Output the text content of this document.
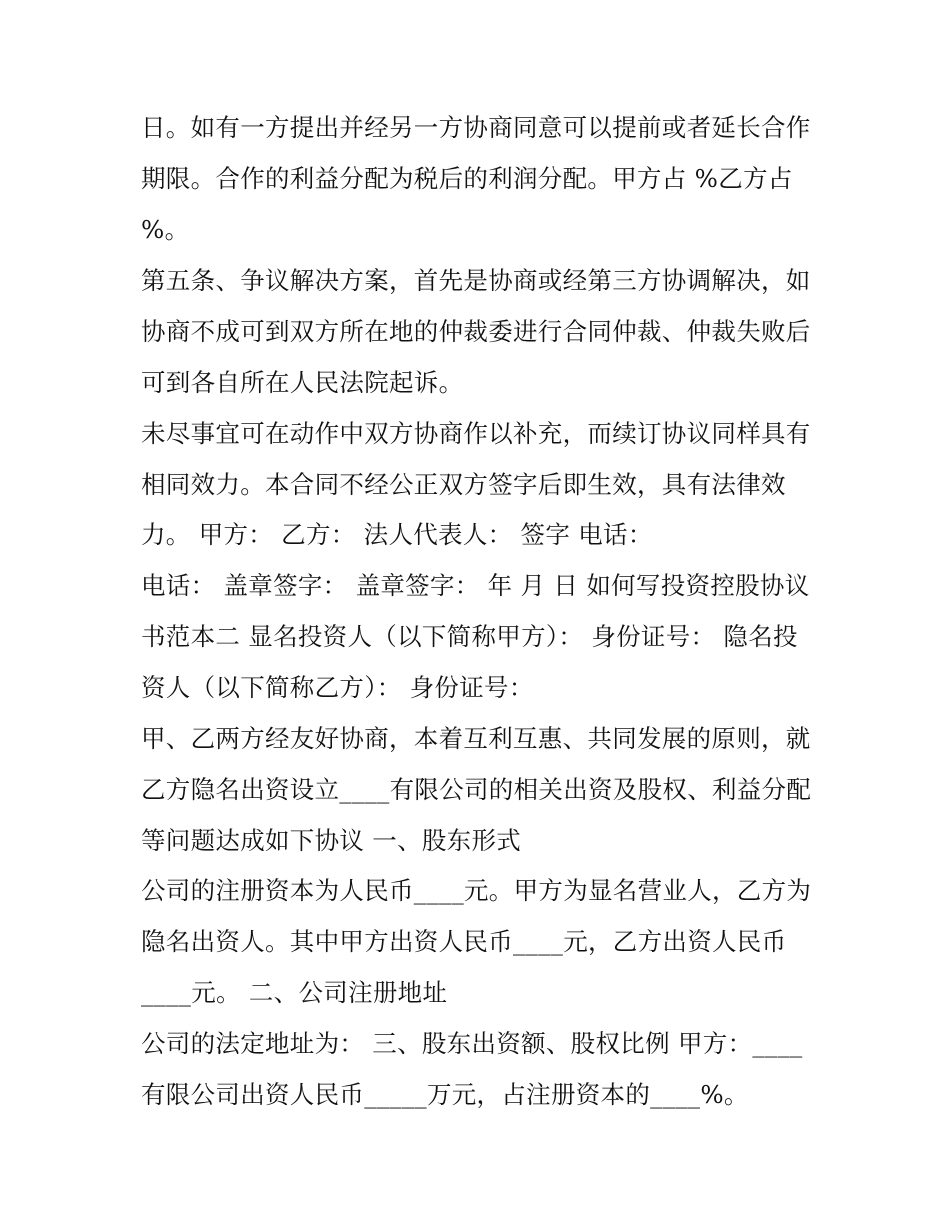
日。如有一方提出并经另一方协商同意可以提前或者延长合作
期限。合作的利益分配为税后的利润分配。甲方占 %乙方占
%。
第五条、争议解决方案，首先是协商或经第三方协调解决，如
协商不成可到双方所在地的仲裁委进行合同仲裁、仲裁失败后
可到各自所在人民法院起诉。
未尽事宜可在动作中双方协商作以补充，而续订协议同样具有
相同效力。本合同不经公正双方签字后即生效，具有法律效
力。 甲方： 乙方： 法人代表人： 签字 电话：
电话： 盖章签字： 盖章签字： 年 月 日 如何写投资控股协议
书范本二 显名投资人（以下简称甲方）： 身份证号： 隐名投
资人（以下简称乙方）： 身份证号：
甲、乙两方经友好协商，本着互利互惠、共同发展的原则，就
乙方隐名出资设立____有限公司的相关出资及股权、利益分配
等问题达成如下协议 一、股东形式
公司的注册资本为人民币____元。甲方为显名营业人，乙方为
隐名出资人。其中甲方出资人民币____元，乙方出资人民币
____元。 二、公司注册地址
公司的法定地址为： 三、股东出资额、股权比例 甲方：____
有限公司出资人民币_____万元，占注册资本的____%。
